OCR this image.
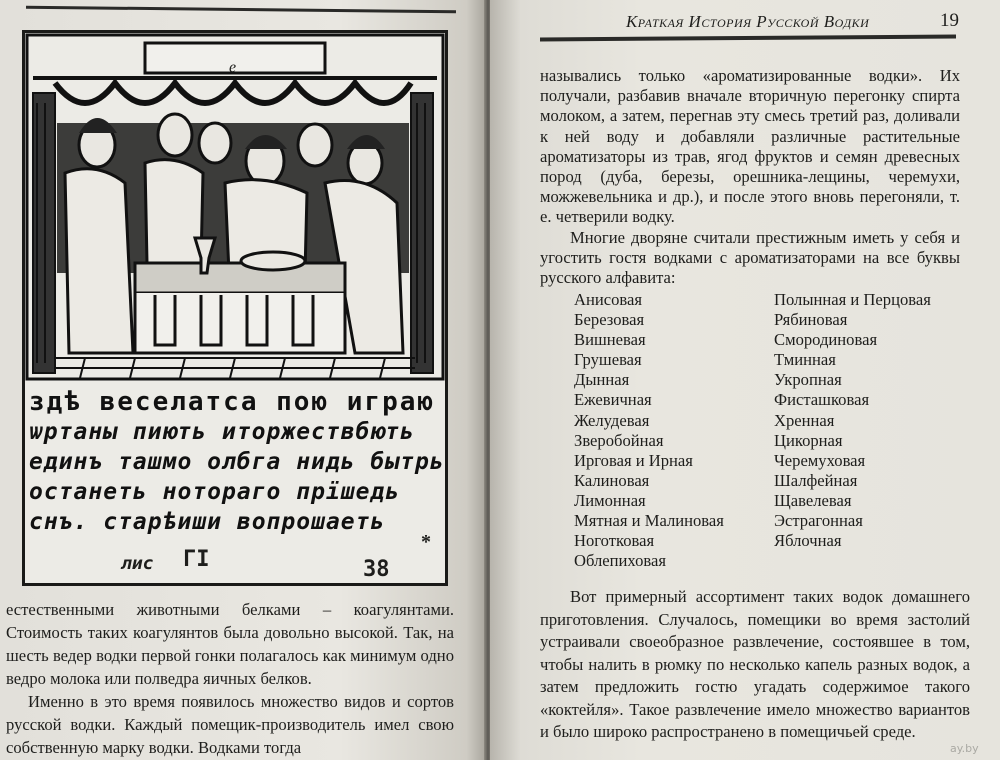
е
здѣ веселатса пою играю
ѡртаны пиють иторжествбють
единъ ташмо олбга нидь бытрь
останеть нотораго прїшедь
снъ. старѣиши вопрошаеть
*
лис ГI	38

естественными животными белками – коагулянтами. Стоимость таких коагулянтов была довольно высокой. Так, на шесть ведер водки первой гонки полагалось как минимум одно ведро молока или полведра яичных белков.

Именно в это время появилось множество видов и сортов русской водки. Каждый помещик-производитель имел свою собственную марку водки. Водками тогда

Краткая История Русской Водки	19

назывались только «ароматизированные водки». Их получали, разбавив вначале вторичную перегонку спирта молоком, а затем, перегнав эту смесь третий раз, доливали к ней воду и добавляли различные растительные ароматизаторы из трав, ягод фруктов и семян древесных пород (дуба, березы, орешника-лещины, черемухи, можжевельника и др.), и после этого вновь перегоняли, т. е. четверили водку.

Многие дворяне считали престижным иметь у себя и угостить гостя водками с ароматизаторами на все буквы русского алфавита:

Анисовая
Березовая
Вишневая
Грушевая
Дынная
Ежевичная
Желудевая
Зверобойная
Ирговая и Ирная
Калиновая
Лимонная
Мятная и Малиновая
Ноготковая
Облепиховая
Полынная и Перцовая
Рябиновая
Смородиновая
Тминная
Укропная
Фисташковая
Хренная
Цикорная
Черемуховая
Шалфейная
Щавелевая
Эстрагонная
Яблочная

Вот примерный ассортимент таких водок домашнего приготовления. Случалось, помещики во время застолий устраивали своеобразное развлечение, состоявшее в том, чтобы налить в рюмку по несколько капель разных водок, а затем предложить гостю угадать содержимое такого «коктейля». Такое развлечение имело множество вариантов и было широко распространено в помещичьей среде.

ay.by
